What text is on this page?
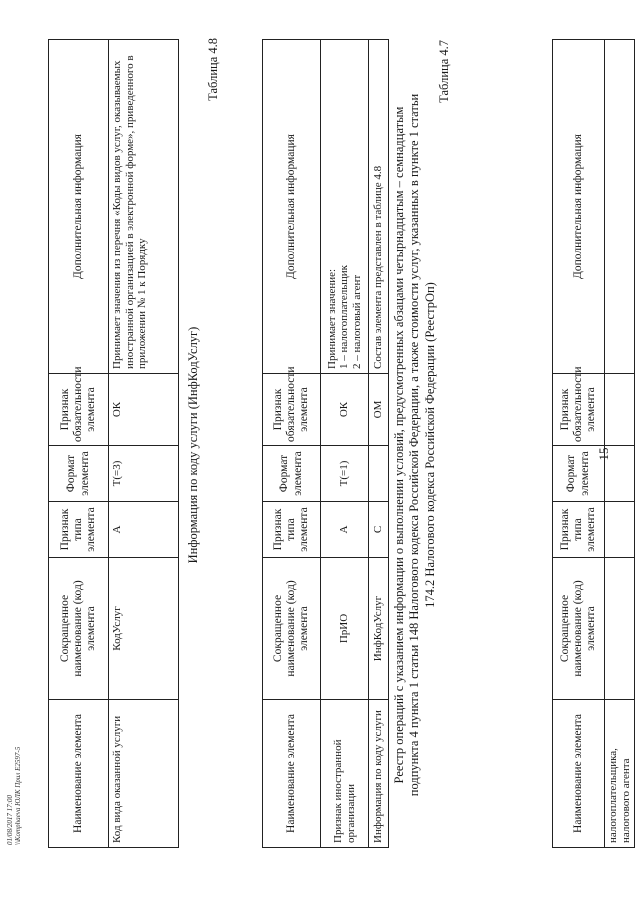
15
Наименование элемента	Сокращенное наименование (код) элемента	Признак типа элемента	Формат элемента	Признак обязательности элемента	Дополнительная информация
налогоплательщика, налогового агента					
Таблица 4.7
Реестр операций с указанием информации о выполнении условий, предусмотренных абзацами четырнадцатым – семнадцатым подпункта 4 пункта 1 статьи 148 Налогового кодекса Российской Федерации, а также стоимости услуг, указанных в пункте 1 статьи 174.2 Налогового кодекса Российской Федерации (РеестрОп)
Наименование элемента	Сокращенное наименование (код) элемента	Признак типа элемента	Формат элемента	Признак обязательности элемента	Дополнительная информация
Признак иностранной организации	ПрИО	А	T(=1)	ОК	Принимает значение: 1 – налогоплательщик 2 – налоговый агент

Информация по коду услуги	ИнфКодУслуг	С		ОМ	Состав элемента представлен в таблице 4.8
Таблица 4.8
Информация по коду услуги (ИнфКодУслуг)
Наименование элемента	Сокращенное наименование (код) элемента	Признак типа элемента	Формат элемента	Признак обязательности элемента	Дополнительная информация
Код вида оказанной услуги	КодУслуг	А	T(=3)	ОК	Принимает значения из перечня «Коды видов услуг, оказываемых иностранной организацией в электронной форме», приведенного в приложении № 1 к Порядку
01/08/2017 17:00 \\Komphaeva ЮЛК Прил E2597-5
